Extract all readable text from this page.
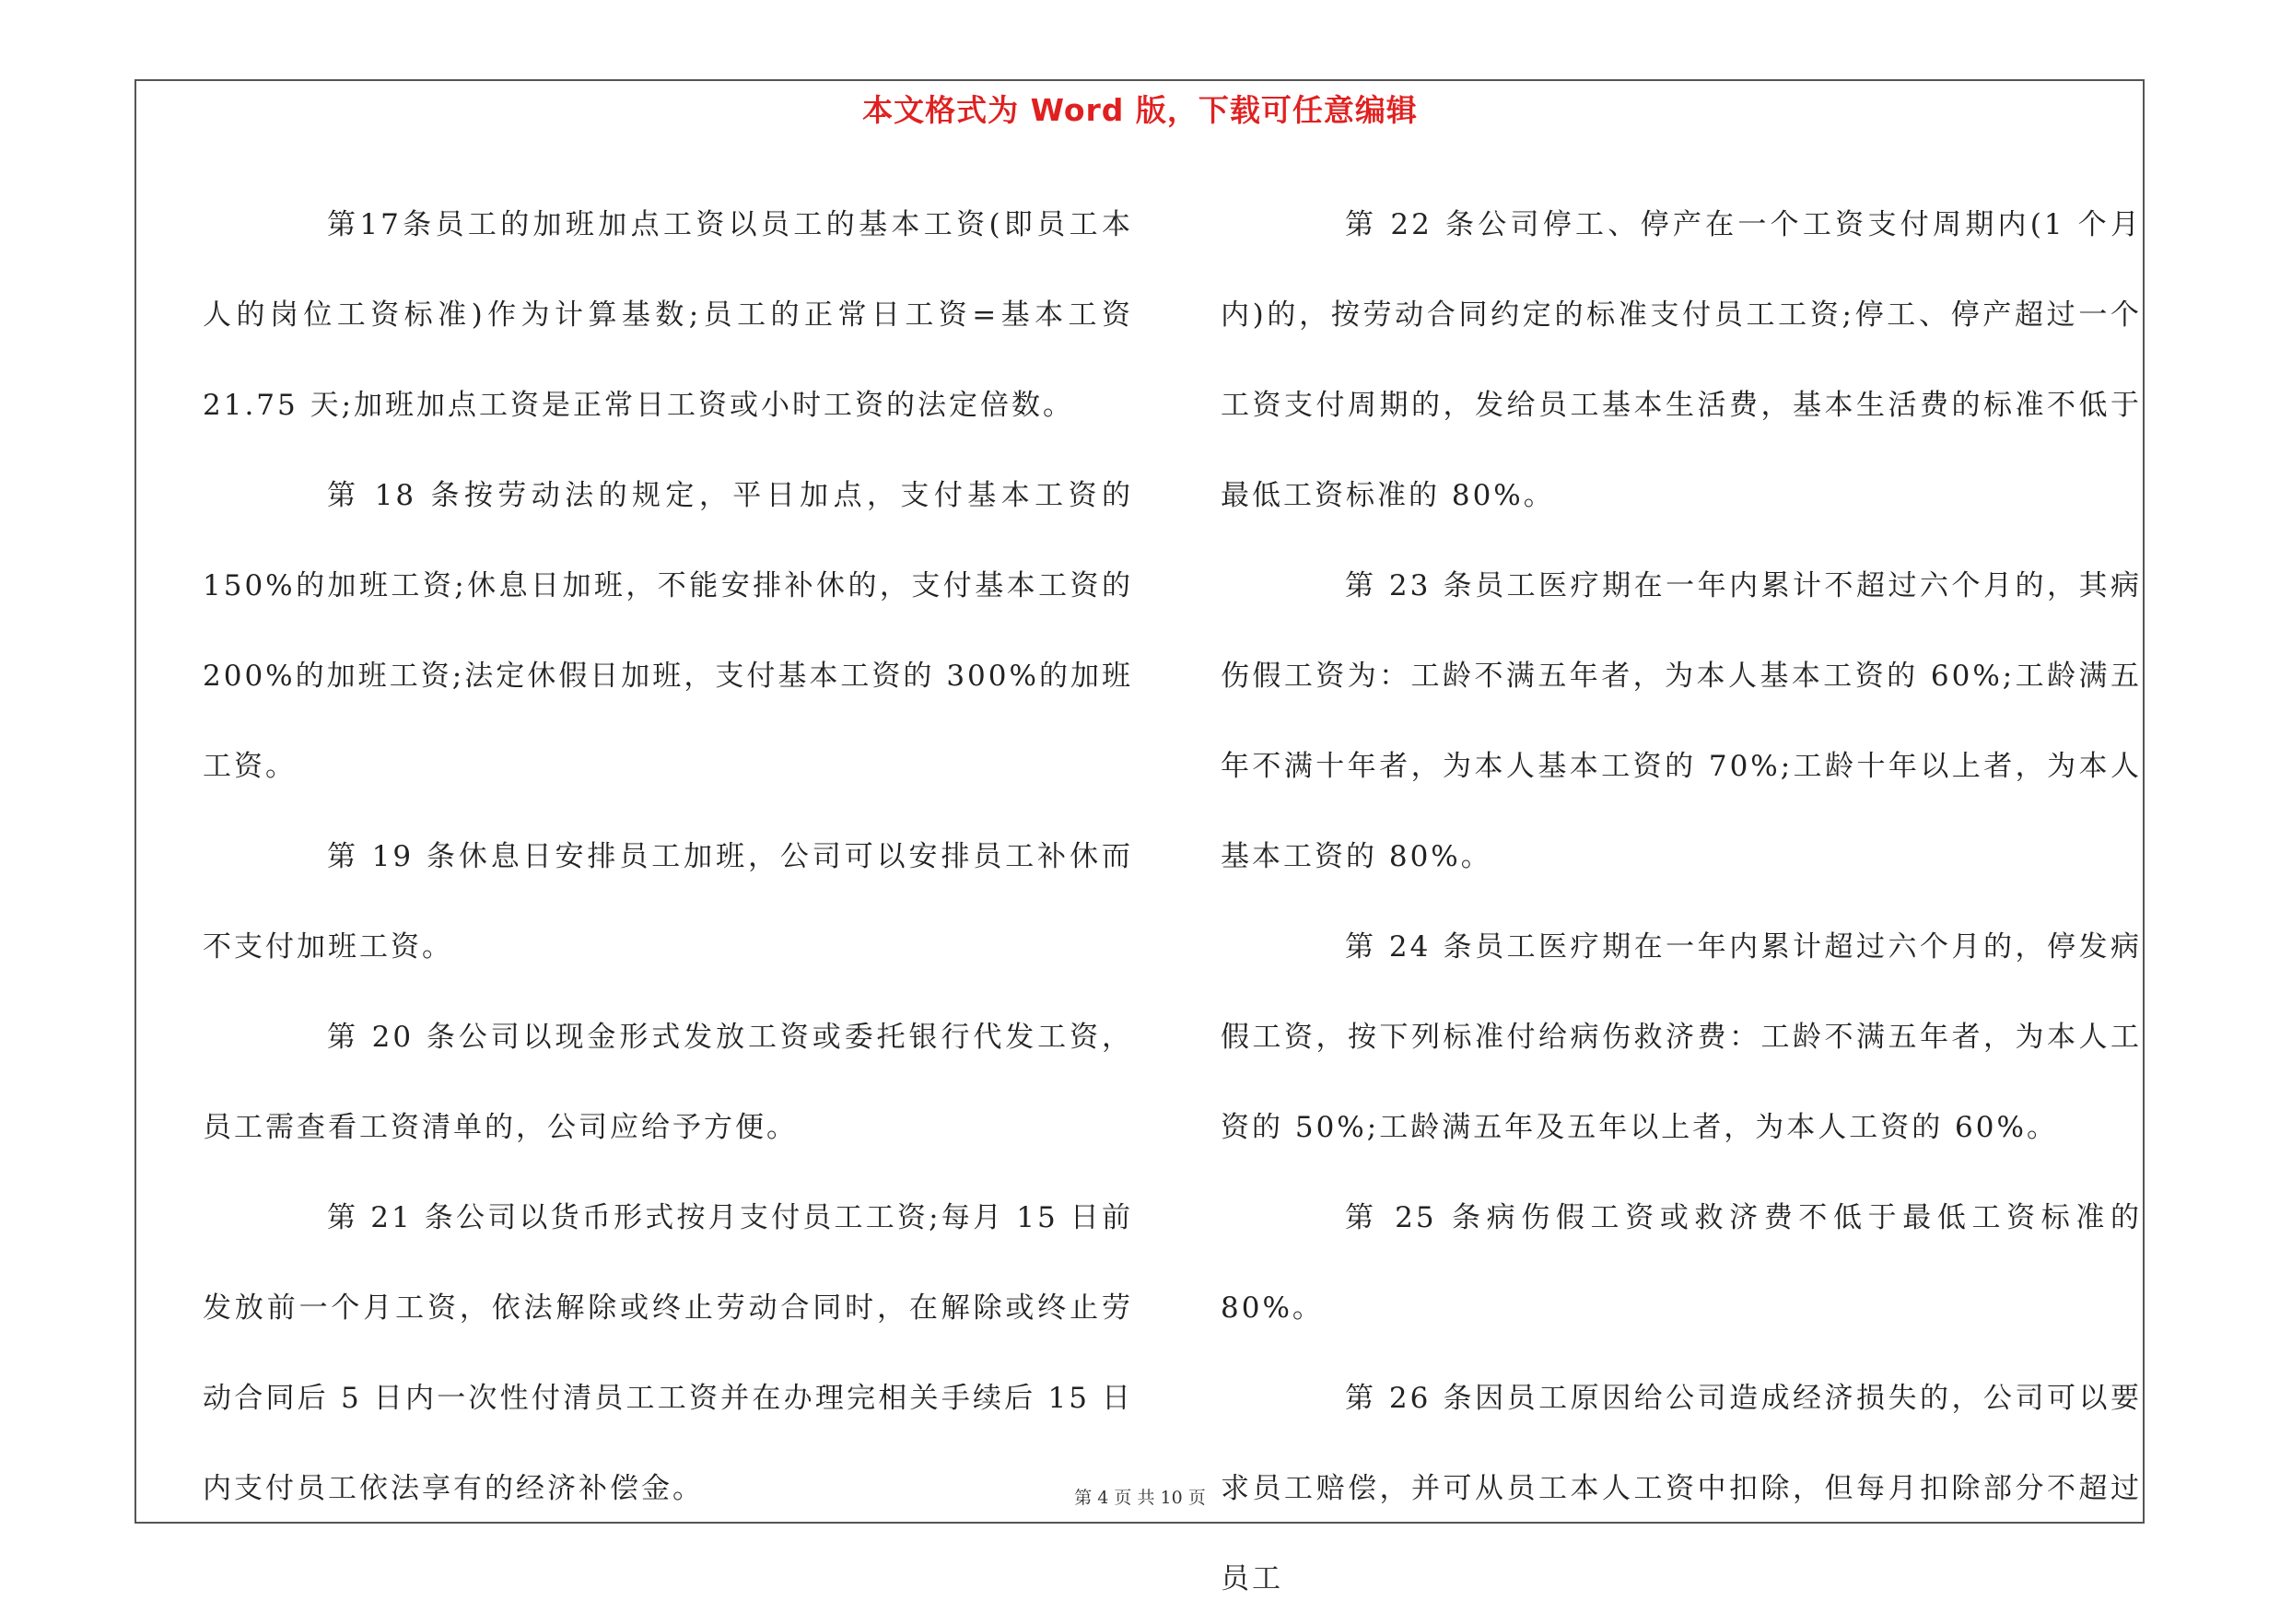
本文格式为 Word 版，下载可任意编辑

第17条员工的加班加点工资以员工的基本工资(即员工本人的岗位工资标准)作为计算基数;员工的正常日工资=基本工资 21.75 天;加班加点工资是正常日工资或小时工资的法定倍数。

第 18 条按劳动法的规定，平日加点，支付基本工资的 150%的加班工资;休息日加班，不能安排补休的，支付基本工资的 200%的加班工资;法定休假日加班，支付基本工资的 300%的加班工资。

第 19 条休息日安排员工加班，公司可以安排员工补休而不支付加班工资。

第 20 条公司以现金形式发放工资或委托银行代发工资，员工需查看工资清单的，公司应给予方便。

第 21 条公司以货币形式按月支付员工工资;每月 15 日前发放前一个月工资，依法解除或终止劳动合同时，在解除或终止劳动合同后 5 日内一次性付清员工工资并在办理完相关手续后 15 日内支付员工依法享有的经济补偿金。

第 22 条公司停工、停产在一个工资支付周期内(1 个月内)的，按劳动合同约定的标准支付员工工资;停工、停产超过一个工资支付周期的，发给员工基本生活费，基本生活费的标准不低于最低工资标准的 80%。

第 23 条员工医疗期在一年内累计不超过六个月的，其病伤假工资为：工龄不满五年者，为本人基本工资的 60%;工龄满五年不满十年者，为本人基本工资的 70%;工龄十年以上者，为本人基本工资的 80%。

第 24 条员工医疗期在一年内累计超过六个月的，停发病假工资，按下列标准付给病伤救济费：工龄不满五年者，为本人工资的 50%;工龄满五年及五年以上者，为本人工资的 60%。

第 25 条病伤假工资或救济费不低于最低工资标准的 80%。

第 26 条因员工原因给公司造成经济损失的，公司可以要求员工赔偿，并可从员工本人工资中扣除，但每月扣除部分不超过员工

第 4 页 共 10 页
